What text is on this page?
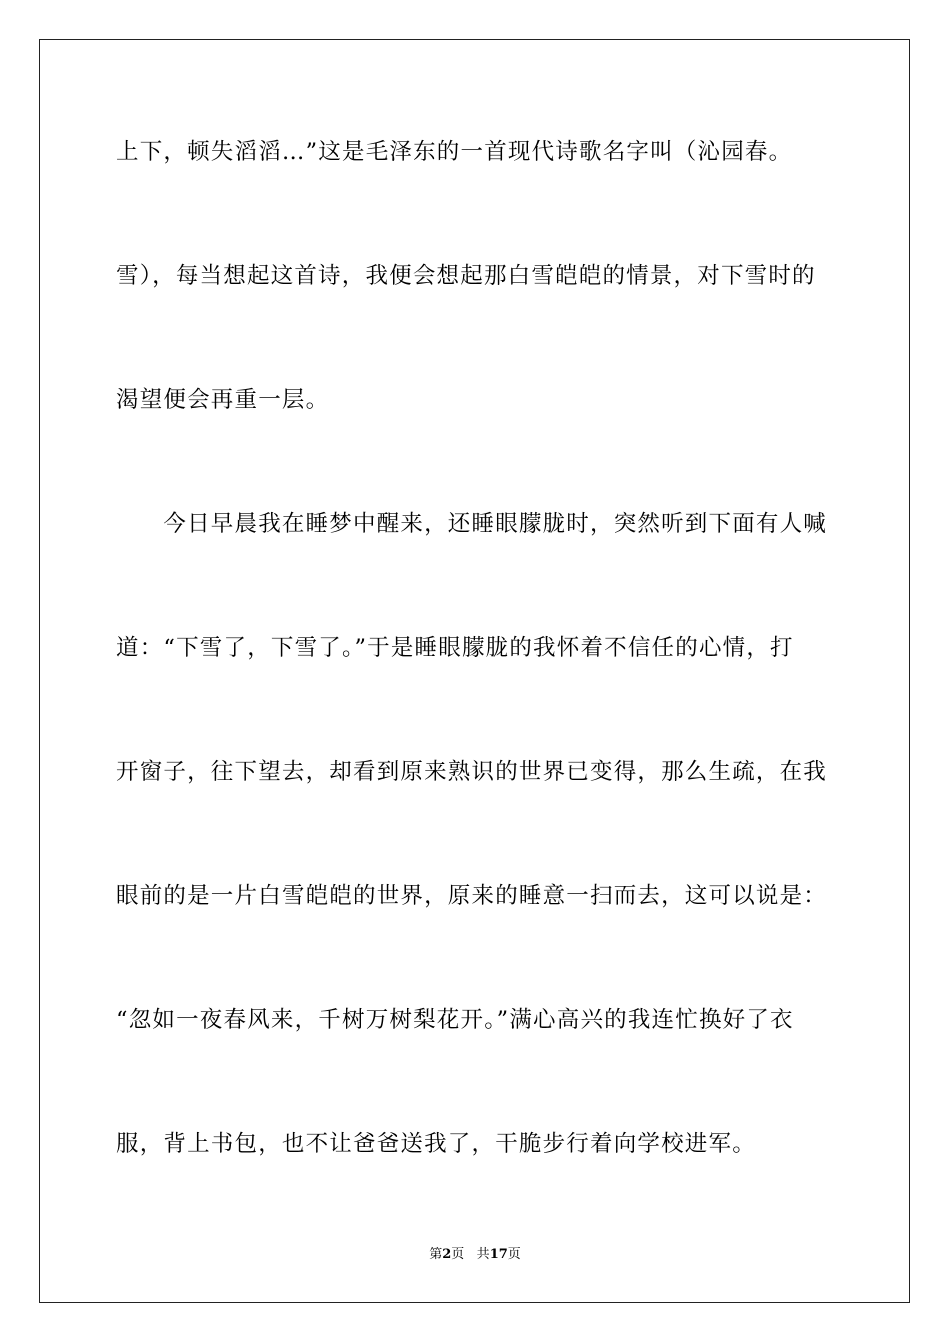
上下，顿失滔滔…”这是毛泽东的一首现代诗歌名字叫（沁园春。
雪），每当想起这首诗，我便会想起那白雪皑皑的情景，对下雪时的
渴望便会再重一层。
　　今日早晨我在睡梦中醒来，还睡眼朦胧时，突然听到下面有人喊
道：“下雪了，下雪了。”于是睡眼朦胧的我怀着不信任的心情，打
开窗子，往下望去，却看到原来熟识的世界已变得，那么生疏，在我
眼前的是一片白雪皑皑的世界，原来的睡意一扫而去，这可以说是：
“忽如一夜春风来，千树万树梨花开。”满心高兴的我连忙换好了衣
服，背上书包，也不让爸爸送我了，干脆步行着向学校进军。
第2页 共17页
